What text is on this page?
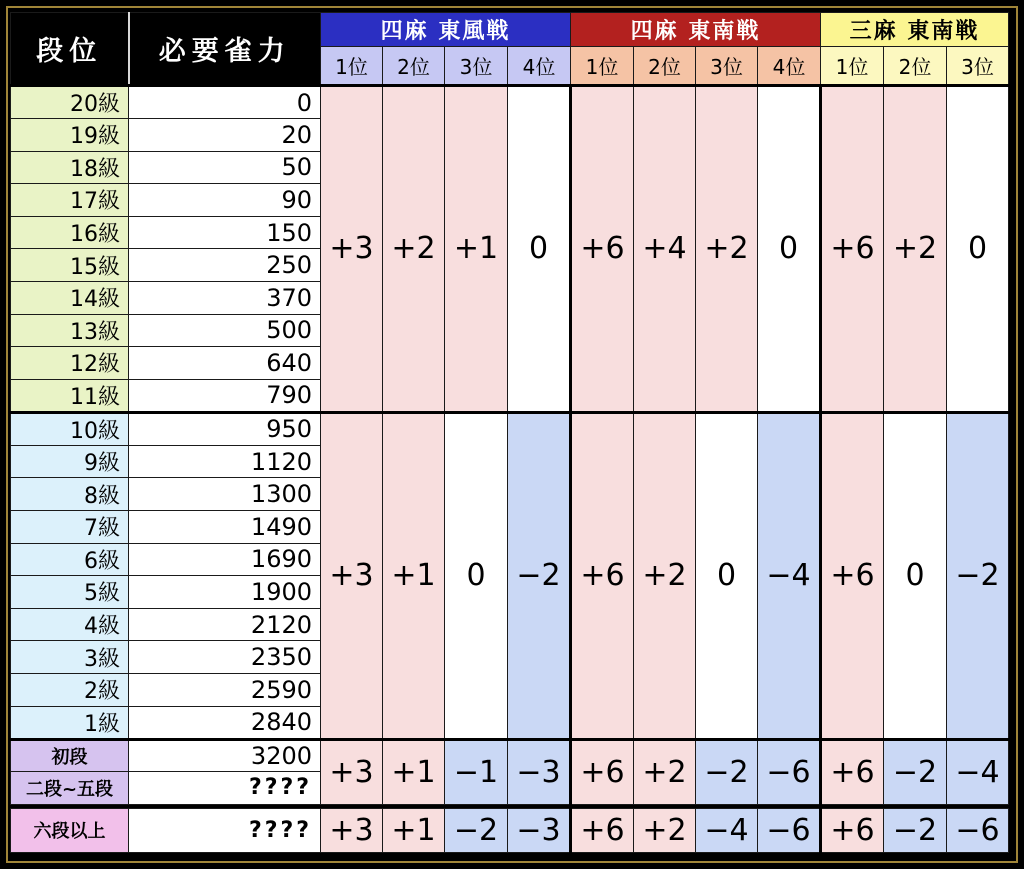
段位	必要雀力	四麻 東風戦				四麻 東南戦				三麻 東南戦		
		1位	2位	3位	4位	1位	2位	3位	4位	1位	2位	3位
20級	0	+3	+2	+1	0	+6	+4	+2	0	+6	+2	0
19級	20											
18級	50											
17級	90											
16級	150											
15級	250											
14級	370											
13級	500											
12級	640											
11級	790											
10級	950	+3	+1	0	−2	+6	+2	0	−4	+6	0	−2
9級	1120											
8級	1300											
7級	1490											
6級	1690											
5級	1900											
4級	2120											
3級	2350											
2級	2590											
1級	2840											
初段	3200	+3	+1	−1	−3	+6	+2	−2	−6	+6	−2	−4
二段~五段	????											

六段以上	????	+3	+1	−2	−3	+6	+2	−4	−6	+6	−2	−6
